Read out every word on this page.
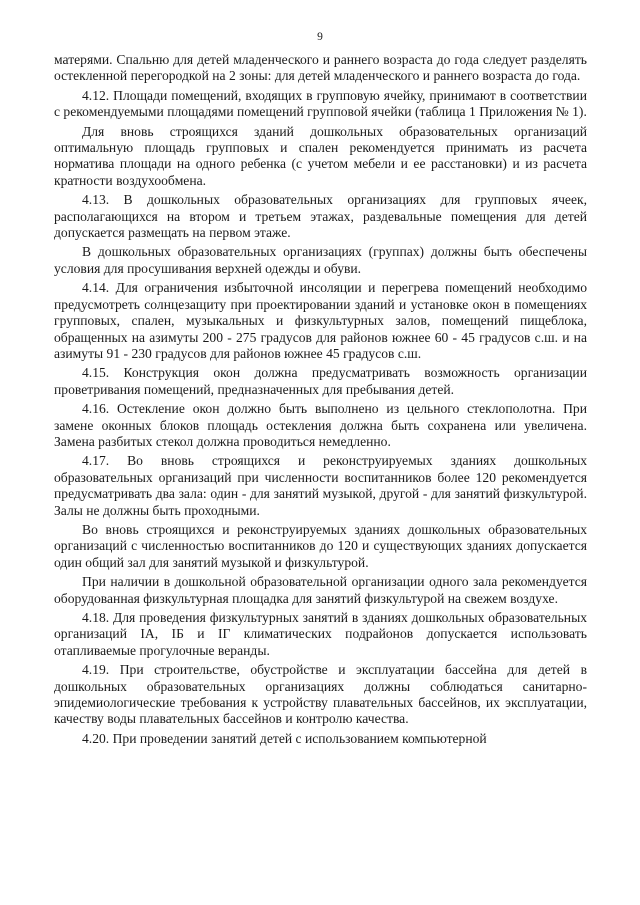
9

матерями. Спальню для детей младенческого и раннего возраста до года следует разделять остекленной перегородкой на 2 зоны: для детей младенческого и раннего возраста до года.

4.12. Площади помещений, входящих в групповую ячейку, принимают в соответствии с рекомендуемыми площадями помещений групповой ячейки (таблица 1 Приложения № 1).

Для вновь строящихся зданий дошкольных образовательных организаций оптимальную площадь групповых и спален рекомендуется принимать из расчета норматива площади на одного ребенка (с учетом мебели и ее расстановки) и из расчета кратности воздухообмена.

4.13. В дошкольных образовательных организациях для групповых ячеек, располагающихся на втором и третьем этажах, раздевальные помещения для детей допускается размещать на первом этаже.

В дошкольных образовательных организациях (группах) должны быть обеспечены условия для просушивания верхней одежды и обуви.

4.14. Для ограничения избыточной инсоляции и перегрева помещений необходимо предусмотреть солнцезащиту при проектировании зданий и установке окон в помещениях групповых, спален, музыкальных и физкультурных залов, помещений пищеблока, обращенных на азимуты 200 - 275 градусов для районов южнее 60 - 45 градусов с.ш. и на азимуты 91 - 230 градусов для районов южнее 45 градусов с.ш.

4.15. Конструкция окон должна предусматривать возможность организации проветривания помещений, предназначенных для пребывания детей.

4.16. Остекление окон должно быть выполнено из цельного стеклополотна. При замене оконных блоков площадь остекления должна быть сохранена или увеличена. Замена разбитых стекол должна проводиться немедленно.

4.17. Во вновь строящихся и реконструируемых зданиях дошкольных образовательных организаций при численности воспитанников более 120 рекомендуется предусматривать два зала: один - для занятий музыкой, другой - для занятий физкультурой. Залы не должны быть проходными.

Во вновь строящихся и реконструируемых зданиях дошкольных образовательных организаций с численностью воспитанников до 120 и существующих зданиях допускается один общий зал для занятий музыкой и физкультурой.

При наличии в дошкольной образовательной организации одного зала рекомендуется оборудованная физкультурная площадка для занятий физкультурой на свежем воздухе.

4.18. Для проведения физкультурных занятий в зданиях дошкольных образовательных организаций IА, IБ и IГ климатических подрайонов допускается использовать отапливаемые прогулочные веранды.

4.19. При строительстве, обустройстве и эксплуатации бассейна для детей в дошкольных образовательных организациях должны соблюдаться санитарно-эпидемиологические требования к устройству плавательных бассейнов, их эксплуатации, качеству воды плавательных бассейнов и контролю качества.

4.20. При проведении занятий детей с использованием компьютерной
